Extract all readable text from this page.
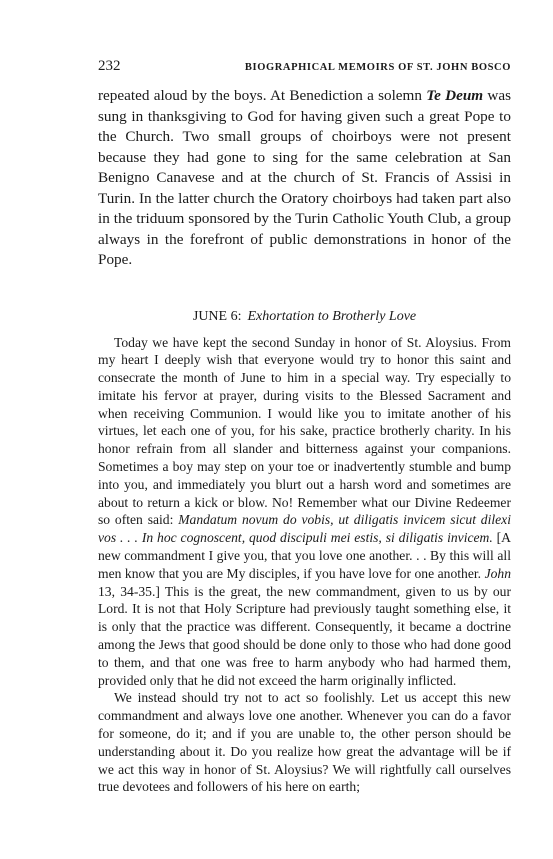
232	BIOGRAPHICAL MEMOIRS OF ST. JOHN BOSCO

repeated aloud by the boys. At Benediction a solemn Te Deum was sung in thanksgiving to God for having given such a great Pope to the Church. Two small groups of choirboys were not present because they had gone to sing for the same celebration at San Benigno Canavese and at the church of St. Francis of Assisi in Turin. In the latter church the Oratory choirboys had taken part also in the triduum sponsored by the Turin Catholic Youth Club, a group always in the forefront of public demonstrations in honor of the Pope.

JUNE 6: Exhortation to Brotherly Love

Today we have kept the second Sunday in honor of St. Aloysius. From my heart I deeply wish that everyone would try to honor this saint and consecrate the month of June to him in a special way. Try especially to imitate his fervor at prayer, during visits to the Blessed Sacrament and when receiving Communion. I would like you to imitate another of his virtues, let each one of you, for his sake, practice brotherly charity. In his honor refrain from all slander and bitterness against your companions. Sometimes a boy may step on your toe or inadvertently stumble and bump into you, and immediately you blurt out a harsh word and sometimes are about to return a kick or blow. No! Remember what our Divine Redeemer so often said: Mandatum novum do vobis, ut diligatis invicem sicut dilexi vos . . . In hoc cognoscent, quod discipuli mei estis, si diligatis invicem. [A new commandment I give you, that you love one another. . . By this will all men know that you are My disciples, if you have love for one another. John 13, 34-35.] This is the great, the new commandment, given to us by our Lord. It is not that Holy Scripture had previously taught something else, it is only that the practice was different. Consequently, it became a doctrine among the Jews that good should be done only to those who had done good to them, and that one was free to harm anybody who had harmed them, provided only that he did not exceed the harm originally inflicted.

We instead should try not to act so foolishly. Let us accept this new commandment and always love one another. Whenever you can do a favor for someone, do it; and if you are unable to, the other person should be understanding about it. Do you realize how great the advantage will be if we act this way in honor of St. Aloysius? We will rightfully call ourselves true devotees and followers of his here on earth;
